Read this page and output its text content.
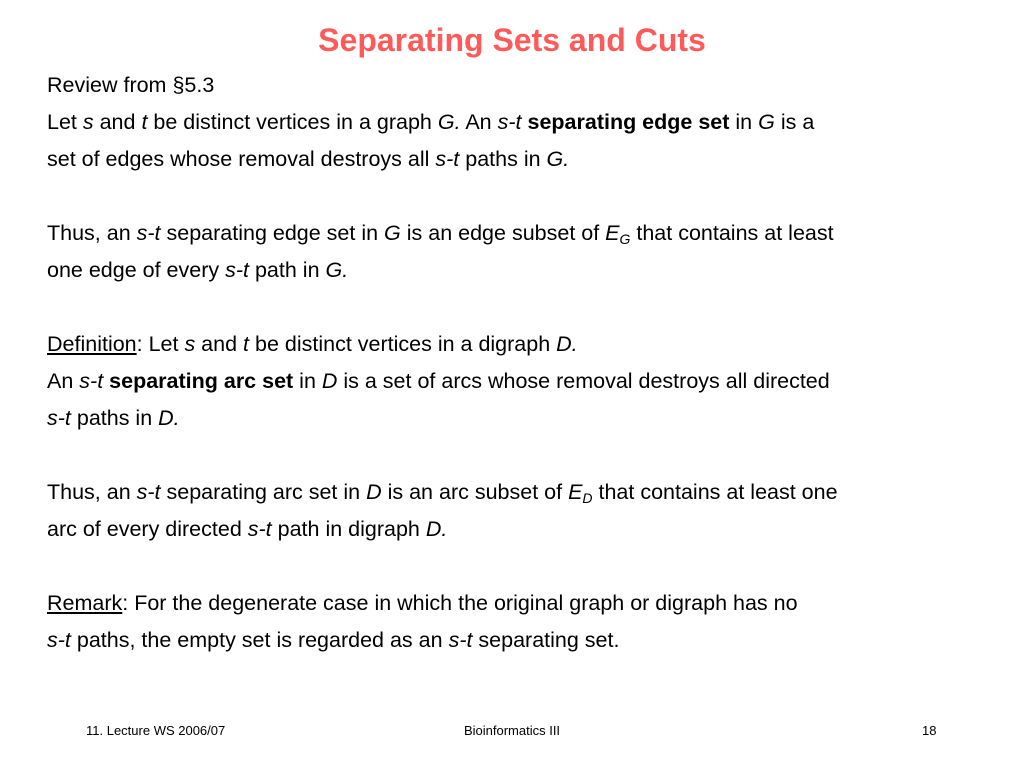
Separating Sets and Cuts
Review from §5.3
Let s and t be distinct vertices in a graph G. An s-t separating edge set in G is a
set of edges whose removal destroys all s-t paths in G.
Thus, an s-t separating edge set in G is an edge subset of $E_G$ that contains at least
one edge of every s-t path in G.
Definition: Let s and t be distinct vertices in a digraph D.
An s-t separating arc set in D is a set of arcs whose removal destroys all directed
s-t paths in D.
Thus, an s-t separating arc set in D is an arc subset of $E_D$ that contains at least one
arc of every directed s-t path in digraph D.
Remark: For the degenerate case in which the original graph or digraph has no
s-t paths, the empty set is regarded as an s-t separating set.
11. Lecture WS 2006/07	Bioinformatics III	18
